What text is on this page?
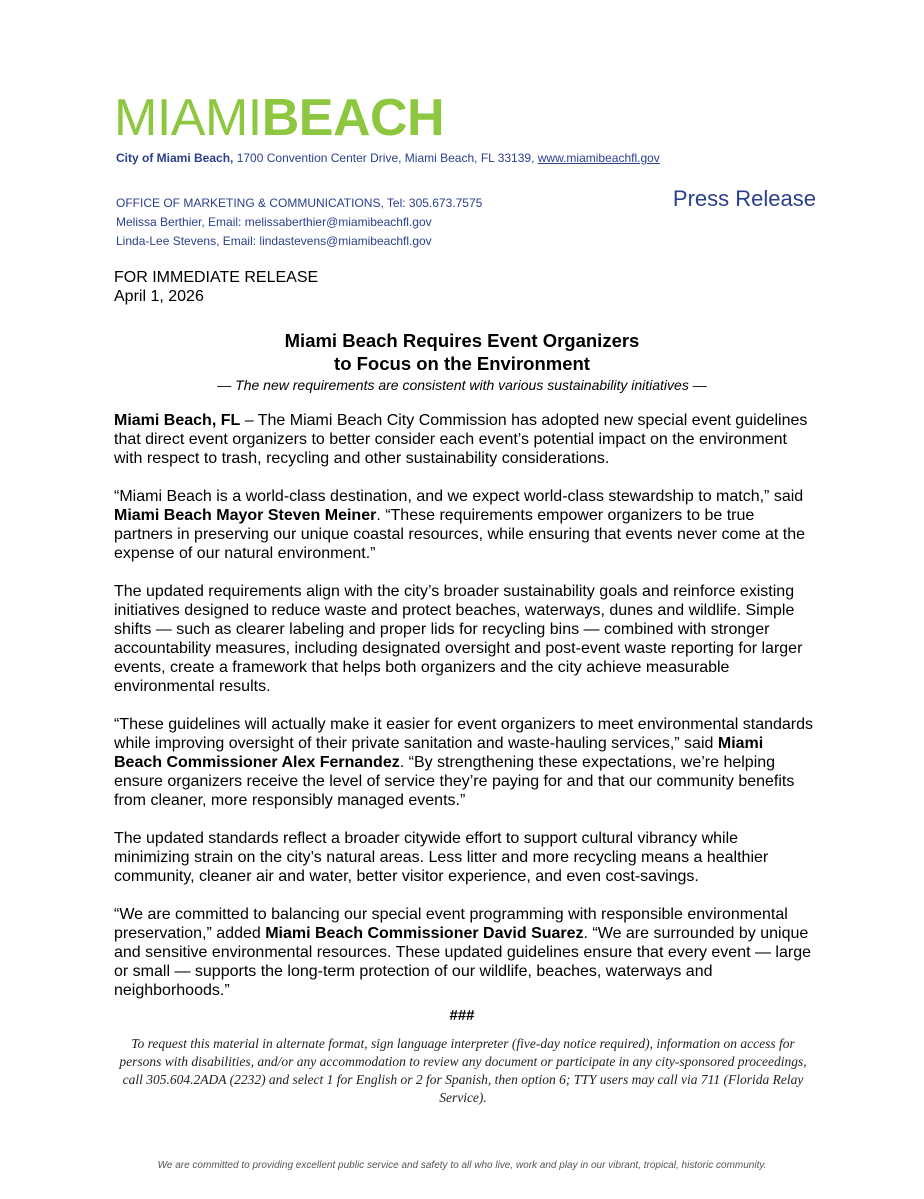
MIAMIBEACH
City of Miami Beach, 1700 Convention Center Drive, Miami Beach, FL 33139, www.miamibeachfl.gov
OFFICE OF MARKETING & COMMUNICATIONS, Tel: 305.673.7575
Melissa Berthier, Email: melissaberthier@miamibeachfl.gov
Linda-Lee Stevens, Email: lindastevens@miamibeachfl.gov
Press Release
FOR IMMEDIATE RELEASE
April 1, 2026
Miami Beach Requires Event Organizers
to Focus on the Environment
— The new requirements are consistent with various sustainability initiatives —

Miami Beach, FL – The Miami Beach City Commission has adopted new special event guidelines that direct event organizers to better consider each event’s potential impact on the environment with respect to trash, recycling and other sustainability considerations.

“Miami Beach is a world-class destination, and we expect world-class stewardship to match,” said Miami Beach Mayor Steven Meiner. “These requirements empower organizers to be true partners in preserving our unique coastal resources, while ensuring that events never come at the expense of our natural environment.”

The updated requirements align with the city’s broader sustainability goals and reinforce existing initiatives designed to reduce waste and protect beaches, waterways, dunes and wildlife. Simple shifts — such as clearer labeling and proper lids for recycling bins — combined with stronger accountability measures, including designated oversight and post-event waste reporting for larger events, create a framework that helps both organizers and the city achieve measurable environmental results.

“These guidelines will actually make it easier for event organizers to meet environmental standards while improving oversight of their private sanitation and waste-hauling services,” said Miami Beach Commissioner Alex Fernandez. “By strengthening these expectations, we’re helping ensure organizers receive the level of service they’re paying for and that our community benefits from cleaner, more responsibly managed events.”

The updated standards reflect a broader citywide effort to support cultural vibrancy while minimizing strain on the city’s natural areas. Less litter and more recycling means a healthier community, cleaner air and water, better visitor experience, and even cost-savings.

“We are committed to balancing our special event programming with responsible environmental preservation,” added Miami Beach Commissioner David Suarez. “We are surrounded by unique and sensitive environmental resources. These updated guidelines ensure that every event — large or small — supports the long-term protection of our wildlife, beaches, waterways and neighborhoods.”

###
To request this material in alternate format, sign language interpreter (five-day notice required), information on access for persons with disabilities, and/or any accommodation to review any document or participate in any city-sponsored proceedings, call 305.604.2ADA (2232) and select 1 for English or 2 for Spanish, then option 6; TTY users may call via 711 (Florida Relay Service).
We are committed to providing excellent public service and safety to all who live, work and play in our vibrant, tropical, historic community.
